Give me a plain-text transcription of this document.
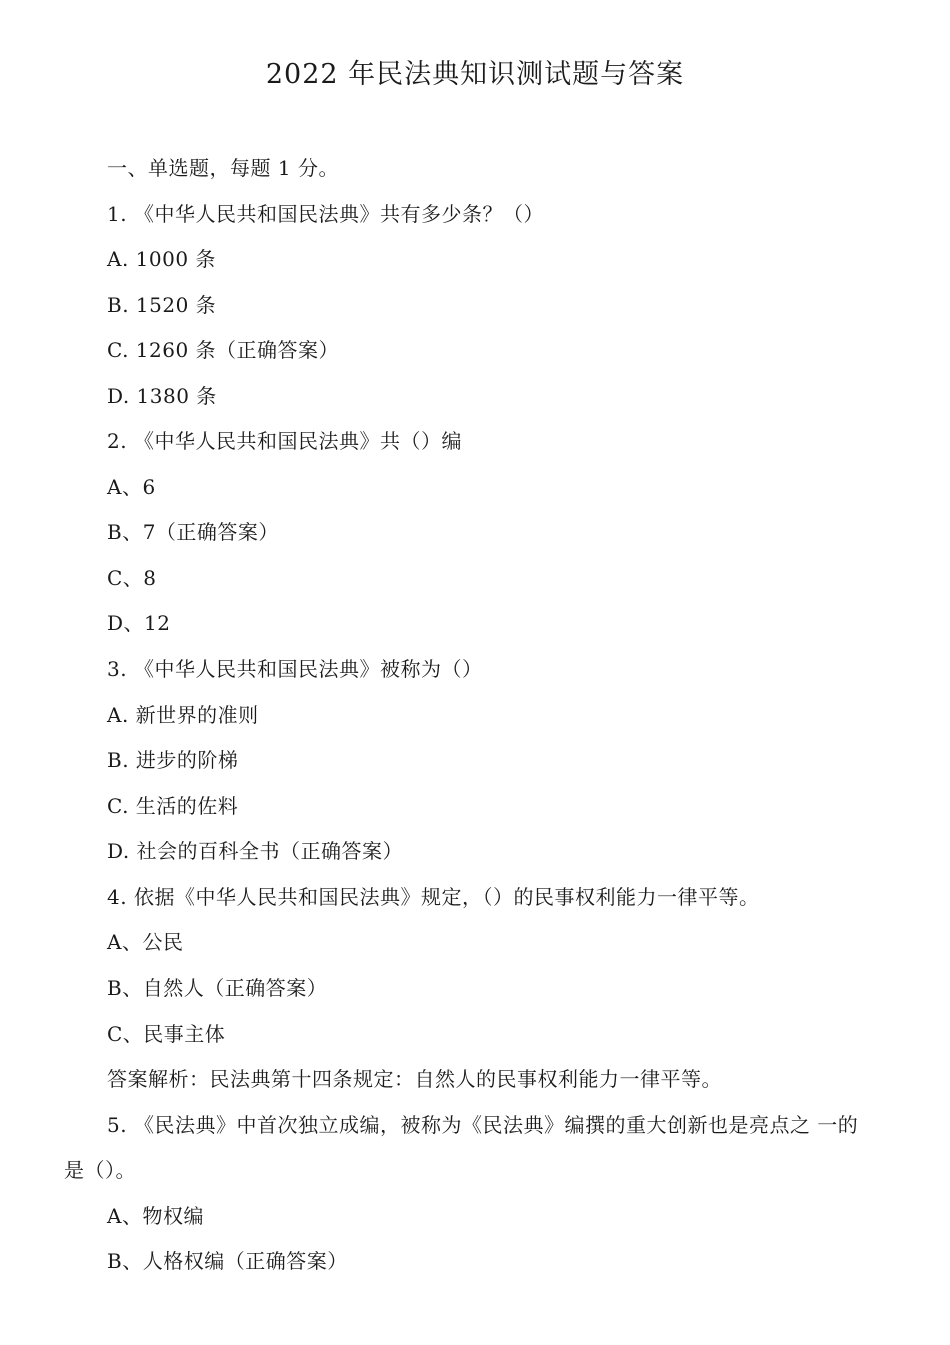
2022 年民法典知识测试题与答案
一、单选题，每题 1 分。
1. 《中华人民共和国民法典》共有多少条？（）
A. 1000 条
B. 1520 条
C. 1260 条（正确答案）
D. 1380 条
2. 《中华人民共和国民法典》共（）编
A、6
B、7（正确答案）
C、8
D、12
3. 《中华人民共和国民法典》被称为（）
A. 新世界的准则
B. 进步的阶梯
C. 生活的佐料
D. 社会的百科全书（正确答案）
4. 依据《中华人民共和国民法典》规定，（）的民事权利能力一律平等。
A、公民
B、自然人（正确答案）
C、民事主体
答案解析：民法典第十四条规定：自然人的民事权利能力一律平等。
5. 《民法典》中首次独立成编，被称为《民法典》编撰的重大创新也是亮点之 一的
是（）。
A、物权编
B、人格权编（正确答案）
